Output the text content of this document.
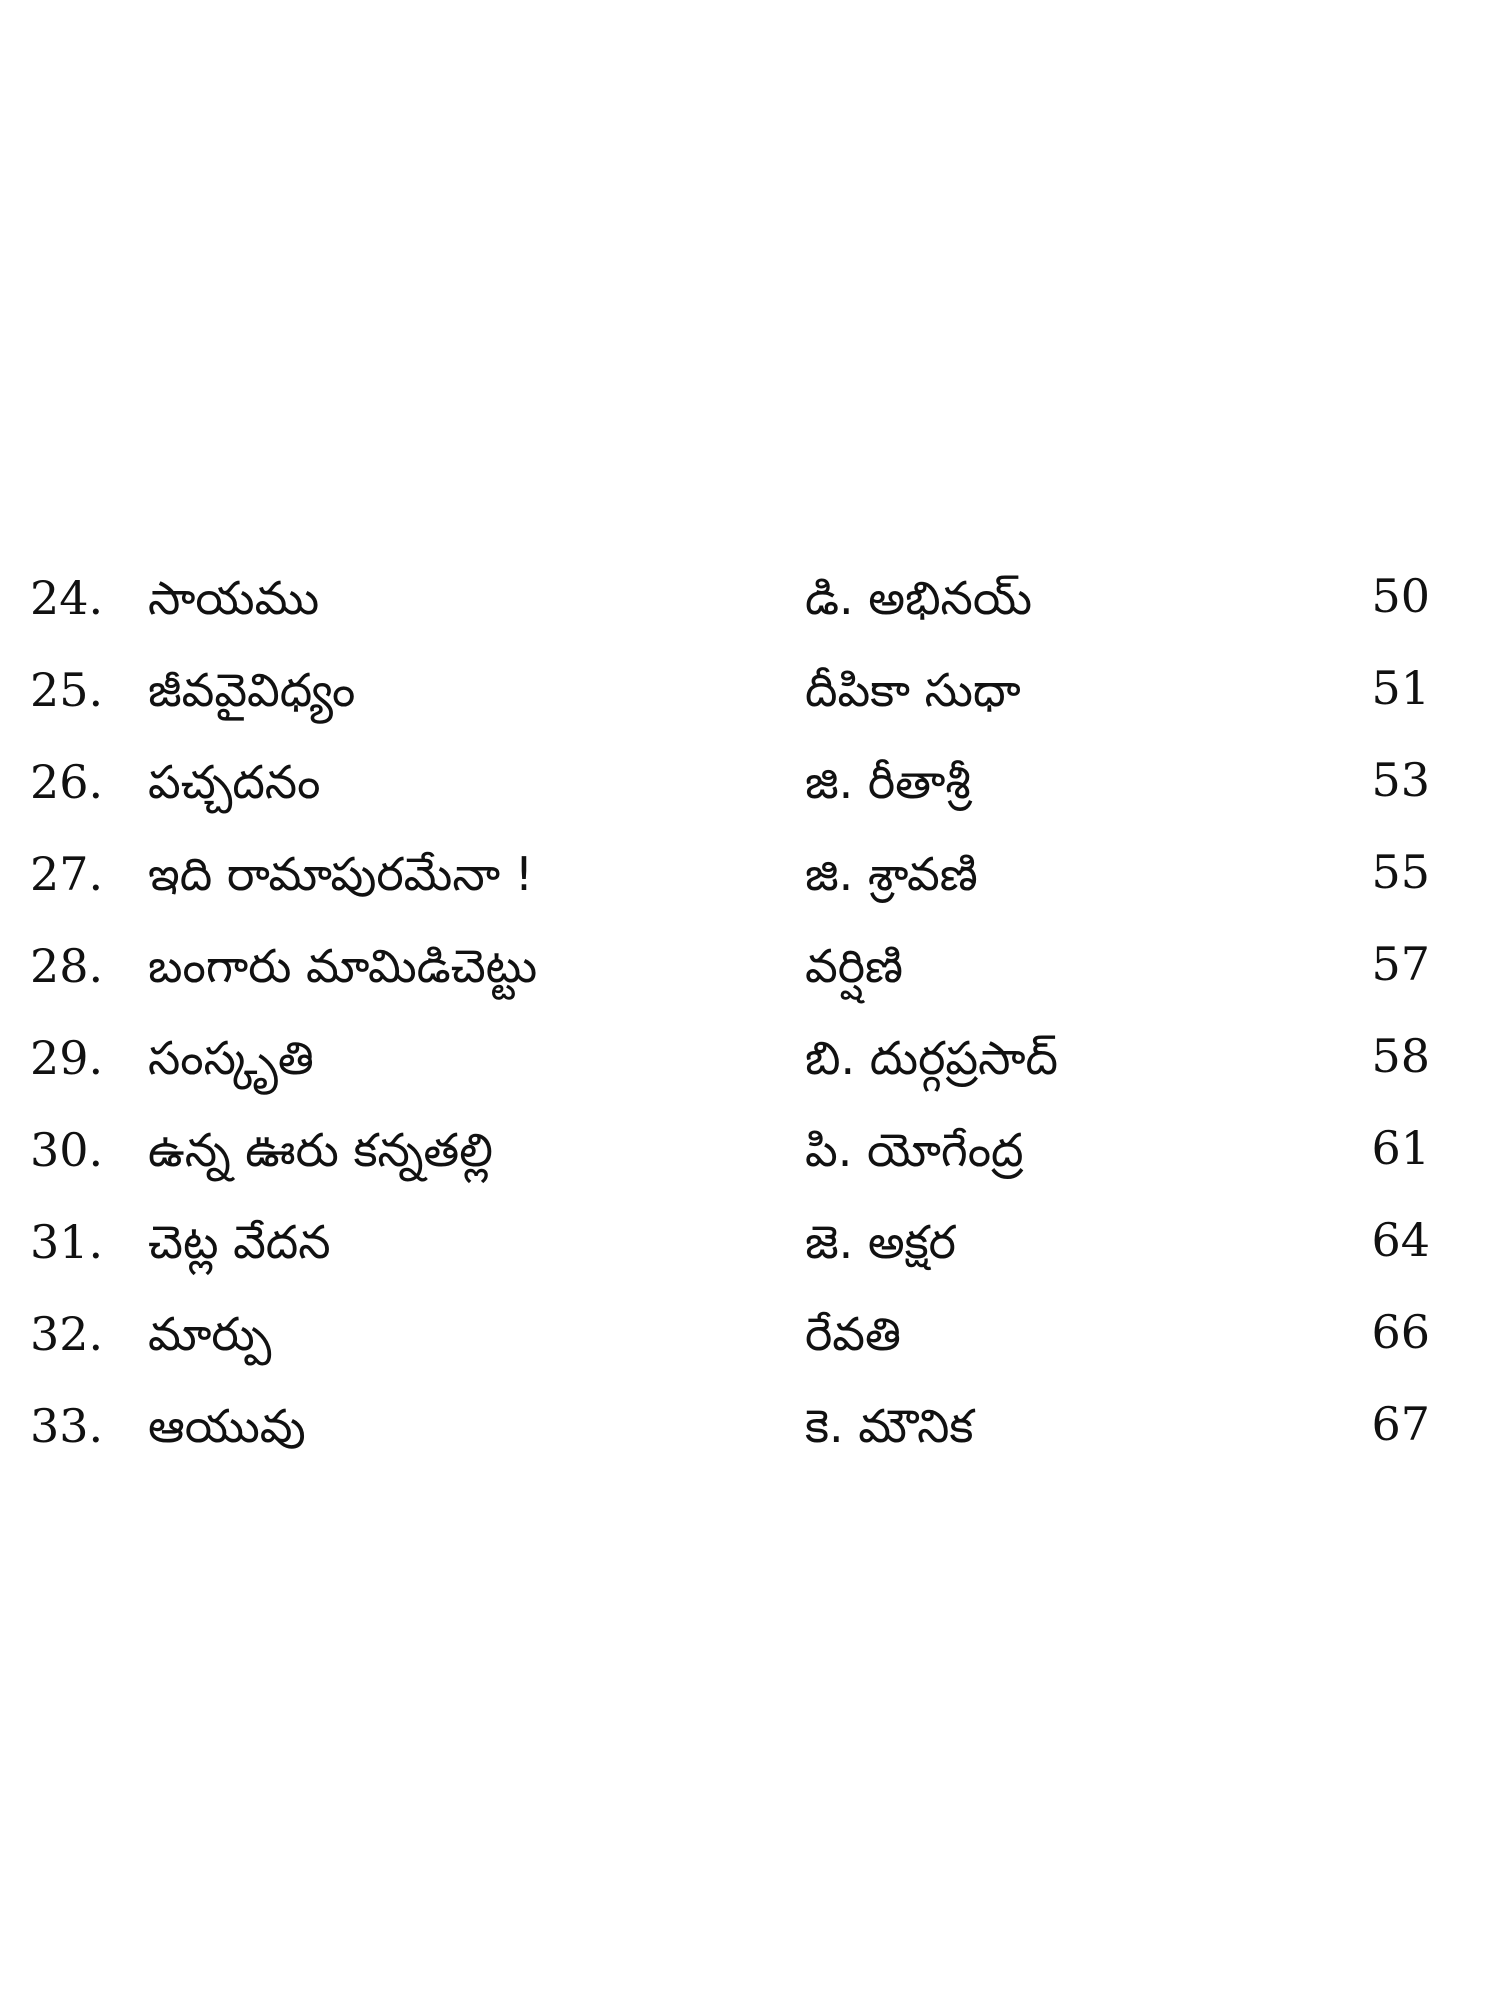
24. సాయము	డి. అభినయ్	50
25. జీవవైవిధ్యం	దీపికా సుధా	51
26. పచ్చదనం	జి. రీతాశ్రీ	53
27. ఇది రామాపురమేనా !	జి. శ్రావణి	55
28. బంగారు మామిడిచెట్టు	వర్షిణి	57
29. సంస్కృతి	బి. దుర్గప్రసాద్	58
30. ఉన్న ఊరు కన్నతల్లి	పి. యోగేంద్ర	61
31. చెట్ల వేదన	జె. అక్షర	64
32. మార్పు	రేవతి	66
33. ఆయువు	కె. మౌనిక	67
